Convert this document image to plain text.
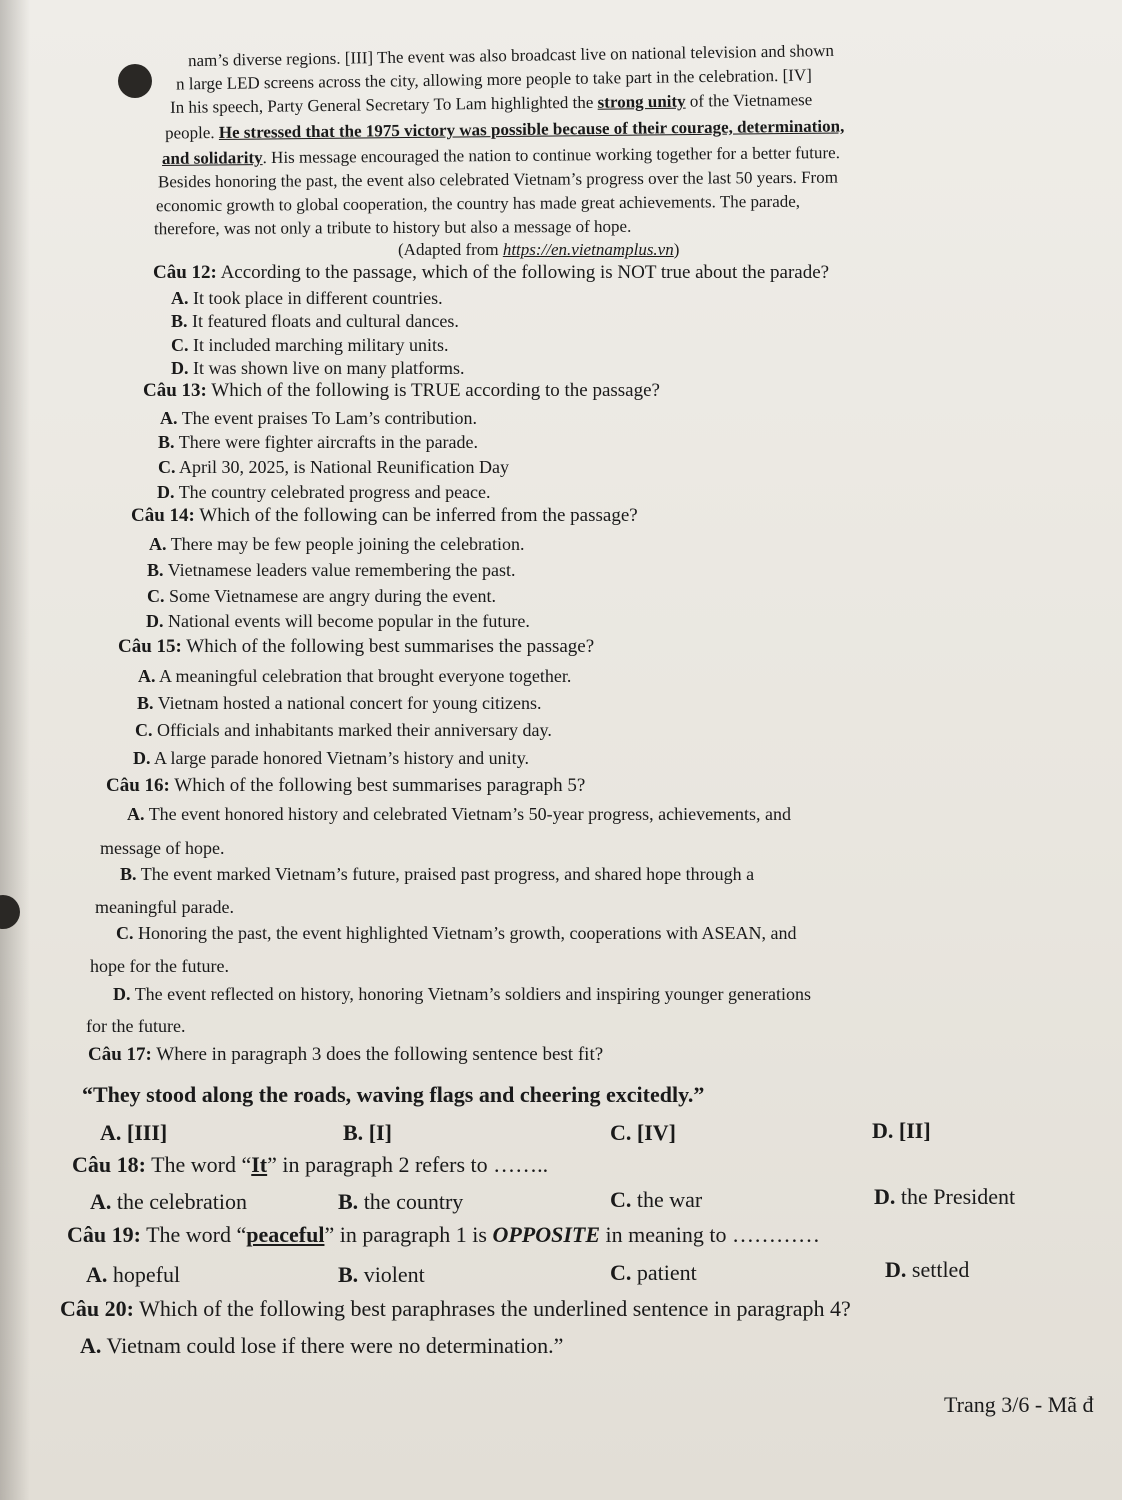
nam’s diverse regions. [III] The event was also broadcast live on national television and shown
n large LED screens across the city, allowing more people to take part in the celebration. [IV]
In his speech, Party General Secretary To Lam highlighted the strong unity of the Vietnamese
people. He stressed that the 1975 victory was possible because of their courage, determination,
and solidarity. His message encouraged the nation to continue working together for a better future.
Besides honoring the past, the event also celebrated Vietnam’s progress over the last 50 years. From
economic growth to global cooperation, the country has made great achievements. The parade,
therefore, was not only a tribute to history but also a message of hope.
(Adapted from https://en.vietnamplus.vn)
Câu 12: According to the passage, which of the following is NOT true about the parade?
A. It took place in different countries.
B. It featured floats and cultural dances.
C. It included marching military units.
D. It was shown live on many platforms.
Câu 13: Which of the following is TRUE according to the passage?
A. The event praises To Lam’s contribution.
B. There were fighter aircrafts in the parade.
C. April 30, 2025, is National Reunification Day
D. The country celebrated progress and peace.
Câu 14: Which of the following can be inferred from the passage?
A. There may be few people joining the celebration.
B. Vietnamese leaders value remembering the past.
C. Some Vietnamese are angry during the event.
D. National events will become popular in the future.
Câu 15: Which of the following best summarises the passage?
A. A meaningful celebration that brought everyone together.
B. Vietnam hosted a national concert for young citizens.
C. Officials and inhabitants marked their anniversary day.
D. A large parade honored Vietnam’s history and unity.
Câu 16: Which of the following best summarises paragraph 5?
A. The event honored history and celebrated Vietnam’s 50-year progress, achievements, and
message of hope.
B. The event marked Vietnam’s future, praised past progress, and shared hope through a
meaningful parade.
C. Honoring the past, the event highlighted Vietnam’s growth, cooperations with ASEAN, and
hope for the future.
D. The event reflected on history, honoring Vietnam’s soldiers and inspiring younger generations
for the future.
Câu 17: Where in paragraph 3 does the following sentence best fit?
“They stood along the roads, waving flags and cheering excitedly.”
A. [III]	B. [I]	C. [IV]	D. [II]
Câu 18: The word “It” in paragraph 2 refers to ……..
A. the celebration	B. the country	C. the war	D. the President
Câu 19: The word “peaceful” in paragraph 1 is OPPOSITE in meaning to …………
A. hopeful	B. violent	C. patient	D. settled
Câu 20: Which of the following best paraphrases the underlined sentence in paragraph 4?
A. Vietnam could lose if there were no determination.”
Trang 3/6 - Mã đ
